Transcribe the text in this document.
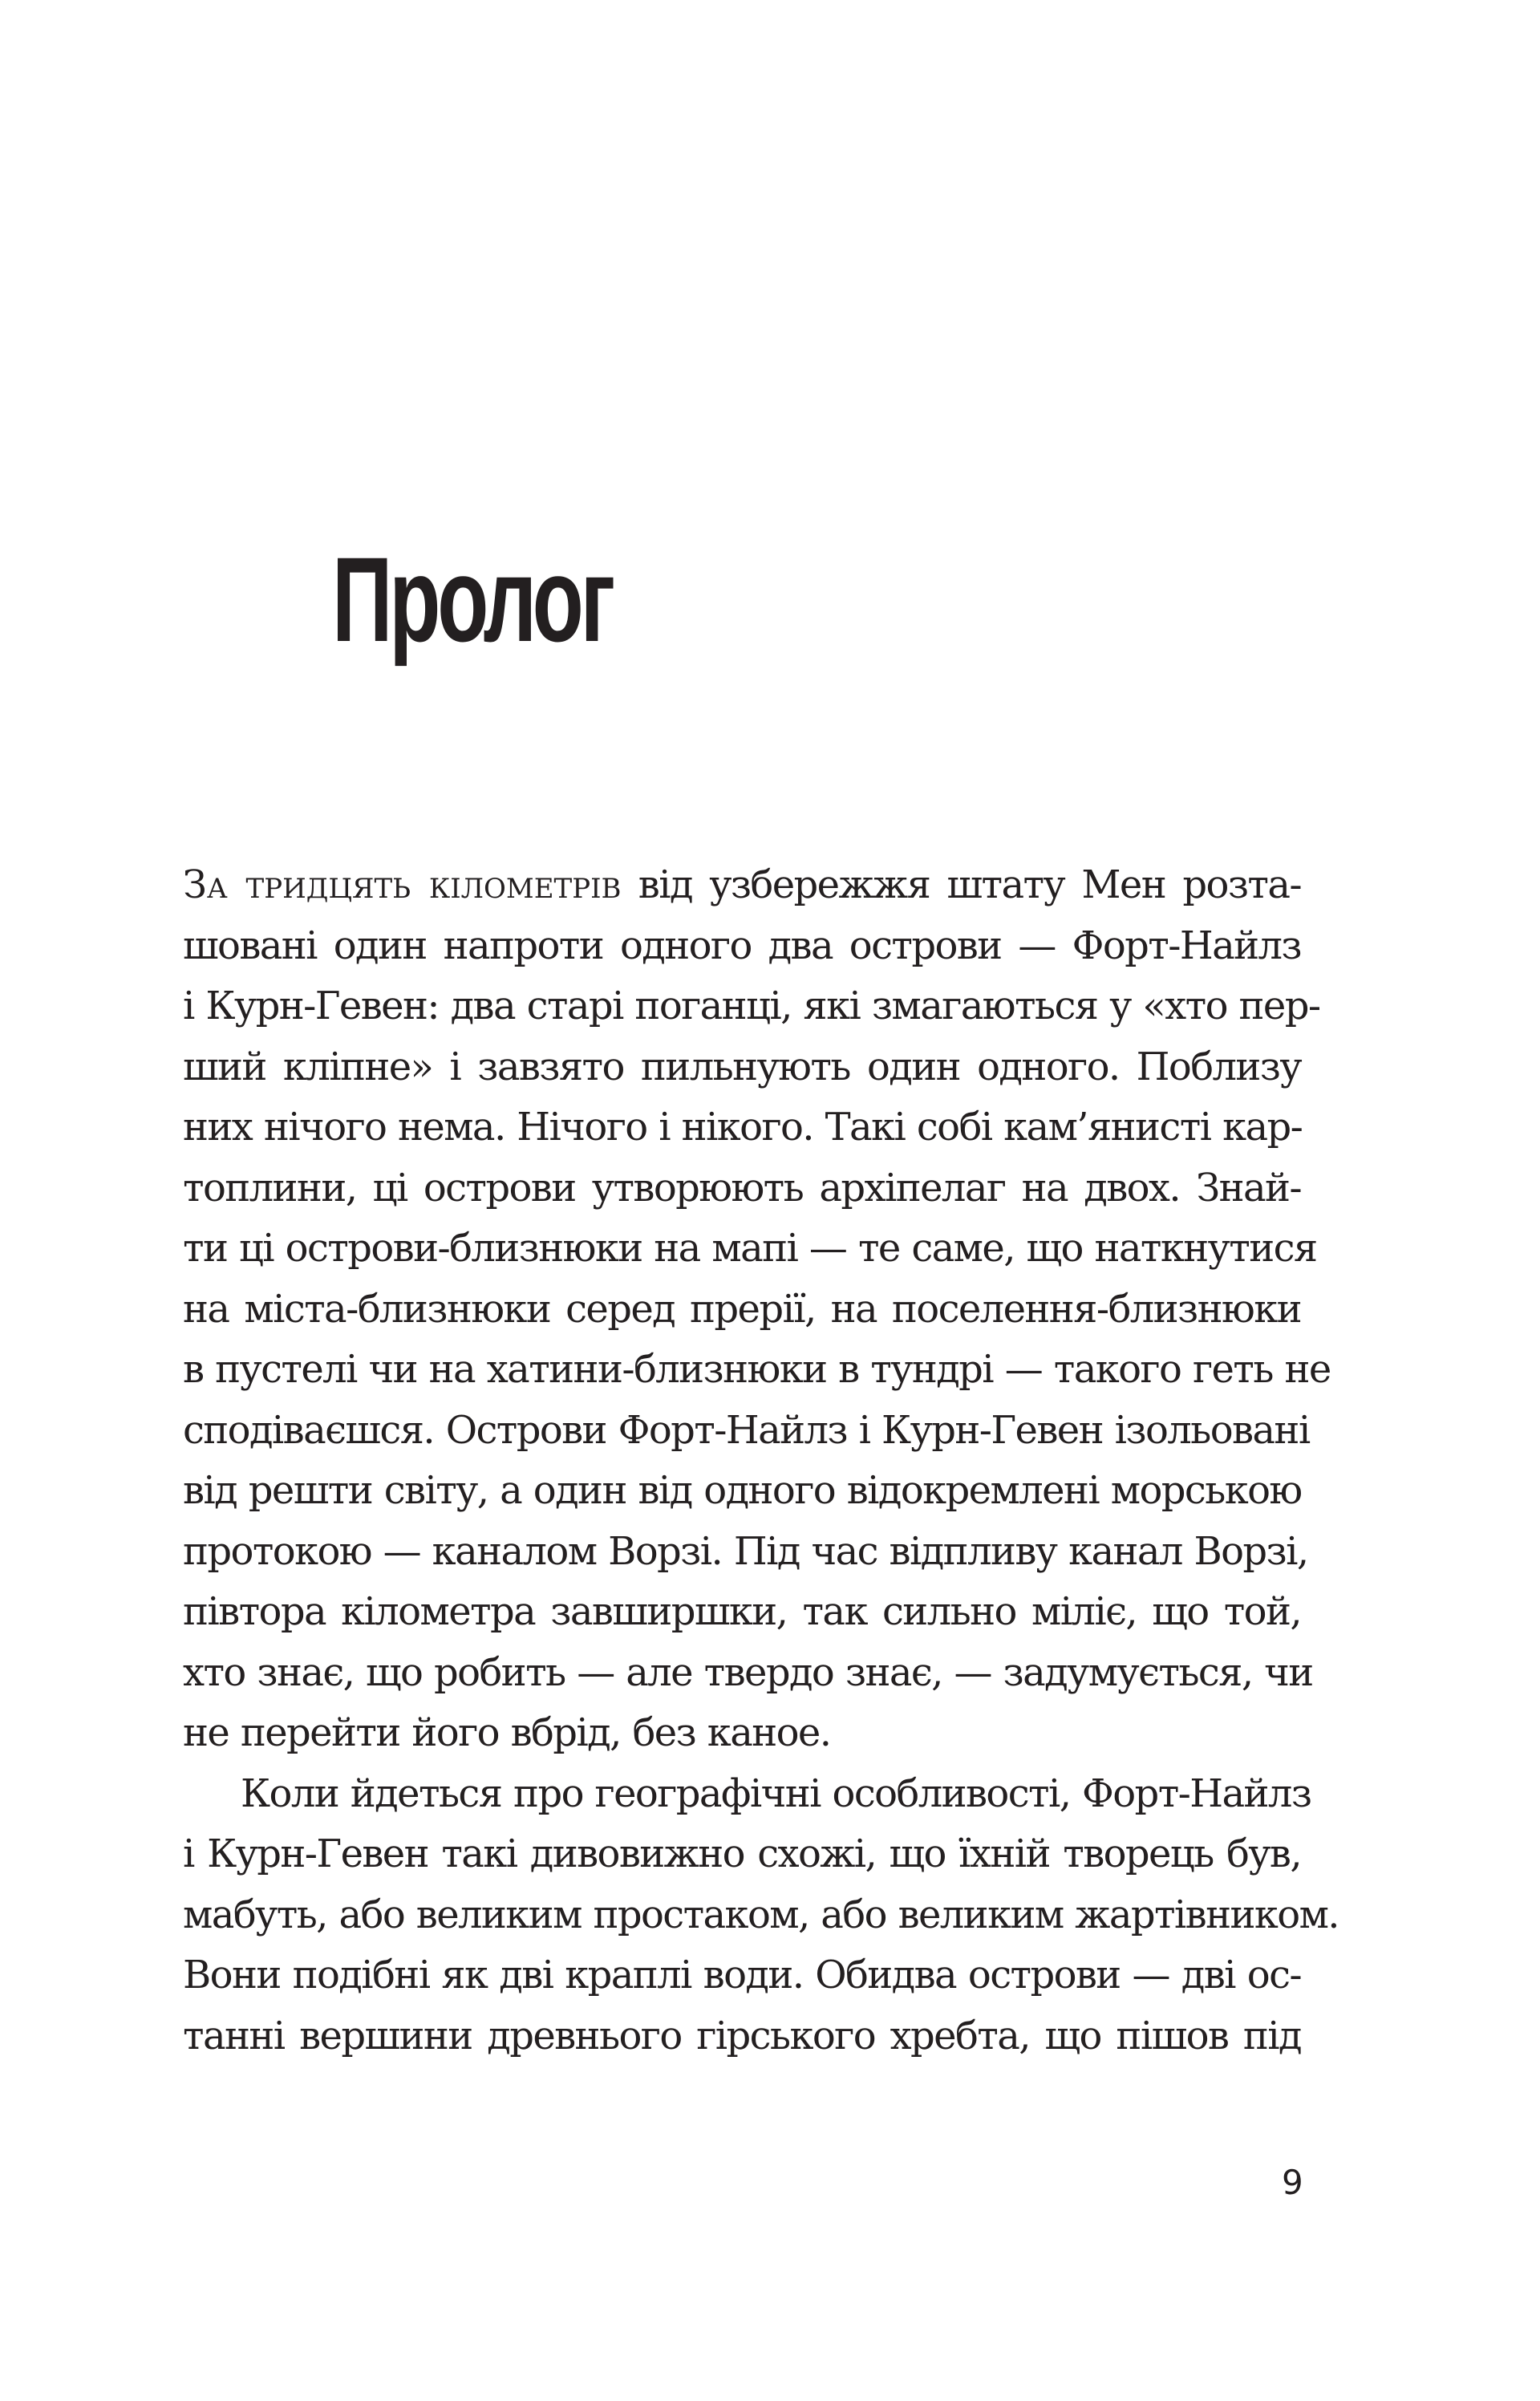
Пролог
За тридцять кілометрів від узбережжя штату Мен розта-
шовані один напроти одного два острови — Форт-Найлз
і Курн-Гевен: два старі поганці, які змагаються у «хто пер-
ший кліпне» і завзято пильнують один одного. Поблизу
них нічого нема. Нічого і нікого. Такі собі кам’янисті кар-
топлини, ці острови утворюють архіпелаг на двох. Знай-
ти ці острови-близнюки на мапі — те саме, що наткнутися
на міста-близнюки серед прерії, на поселення-близнюки
в пустелі чи на хатини-близнюки в тундрі — такого геть не
сподіваєшся. Острови Форт-Найлз і Курн-Гевен ізольовані
від решти світу, а один від одного відокремлені морською
протокою — каналом Ворзі. Під час відпливу канал Ворзі,
півтора кілометра завширшки, так сильно міліє, що той,
хто знає, що робить — але твердо знає, — задумується, чи
не перейти його вбрід, без каное.
Коли йдеться про географічні особливості, Форт-Найлз
і Курн-Гевен такі дивовижно схожі, що їхній творець був,
мабуть, або великим простаком, або великим жартівником.
Вони подібні як дві краплі води. Обидва острови — дві ос-
танні вершини древнього гірського хребта, що пішов під
9
